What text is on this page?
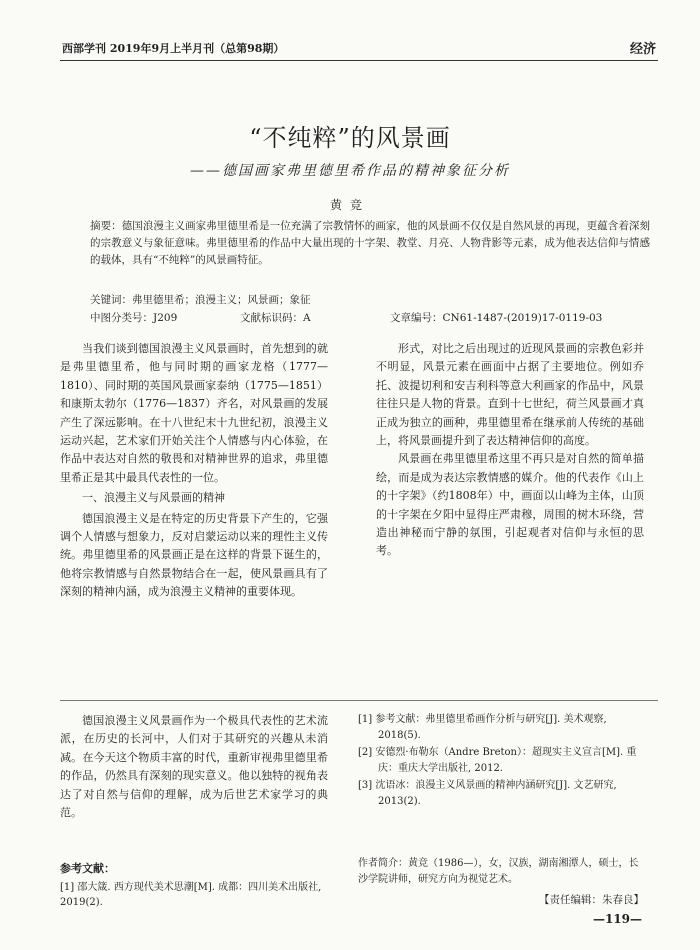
西部学刊 2019年9月上半月刊（总第98期）	经济
“不纯粹”的风景画
——德国画家弗里德里希作品的精神象征分析
黄竞

摘要：德国浪漫主义画家弗里德里希是一位充满了宗教情怀的画家，他的风景画不仅仅是自然风景的再现，更蕴含着深刻的宗教意义与象征意味。弗里德里希的作品中大量出现的十字架、教堂、月亮、人物背影等元素，成为他表达信仰与情感的载体，具有“不纯粹”的风景画特征。

关键词：弗里德里希；浪漫主义；风景画；象征
中图分类号：J209	文献标识码：A	文章编号：CN61-1487-(2019)17-0119-03

当我们谈到德国浪漫主义风景画时，首先想到的就是弗里德里希，他与同时期的画家龙格（1777—1810）、同时期的英国风景画家泰纳（1775—1851）和康斯太勃尔（1776—1837）齐名，对风景画的发展产生了深远影响。在十八世纪末十九世纪初，浪漫主义运动兴起，艺术家们开始关注个人情感与内心体验，在作品中表达对自然的敬畏和对精神世界的追求，弗里德里希正是其中最具代表性的一位。

一、浪漫主义与风景画的精神

德国浪漫主义是在特定的历史背景下产生的，它强调个人情感与想象力，反对启蒙运动以来的理性主义传统。弗里德里希的风景画正是在这样的背景下诞生的，他将宗教情感与自然景物结合在一起，使风景画具有了深刻的精神内涵，成为浪漫主义精神的重要体现。

形式，对比之后出现过的近现风景画的宗教色彩并不明显，风景元素在画面中占据了主要地位。例如乔托、波提切利和安吉利科等意大利画家的作品中，风景往往只是人物的背景。直到十七世纪，荷兰风景画才真正成为独立的画种，弗里德里希在继承前人传统的基础上，将风景画提升到了表达精神信仰的高度。

风景画在弗里德里希这里不再只是对自然的简单描绘，而是成为表达宗教情感的媒介。他的代表作《山上的十字架》（约1808年）中，画面以山峰为主体，山顶的十字架在夕阳中显得庄严肃穆，周围的树木环绕，营造出神秘而宁静的氛围，引起观者对信仰与永恒的思考。

德国浪漫主义风景画作为一个极具代表性的艺术流派，在历史的长河中，人们对于其研究的兴趣从未消减。在今天这个物质丰富的时代，重新审视弗里德里希的作品，仍然具有深刻的现实意义。他以独特的视角表达了对自然与信仰的理解，成为后世艺术家学习的典范。

[1] 参考文献：弗里德里希画作分析与研究[J]. 美术观察, 2018(5).

[2] 安德烈·布勒东（Andre Breton）：超现实主义宣言[M]. 重庆：重庆大学出版社, 2012.

[3] 沈语冰：浪漫主义风景画的精神内涵研究[J]. 文艺研究, 2013(2).

参考文献：

[1] 邵大箴. 西方现代美术思潮[M]. 成都：四川美术出版社, 2019(2).

作者简介：黄竞（1986—），女，汉族，湖南湘潭人，硕士，长沙学院讲师，研究方向为视觉艺术。

【责任编辑：朱春良】
—119—
